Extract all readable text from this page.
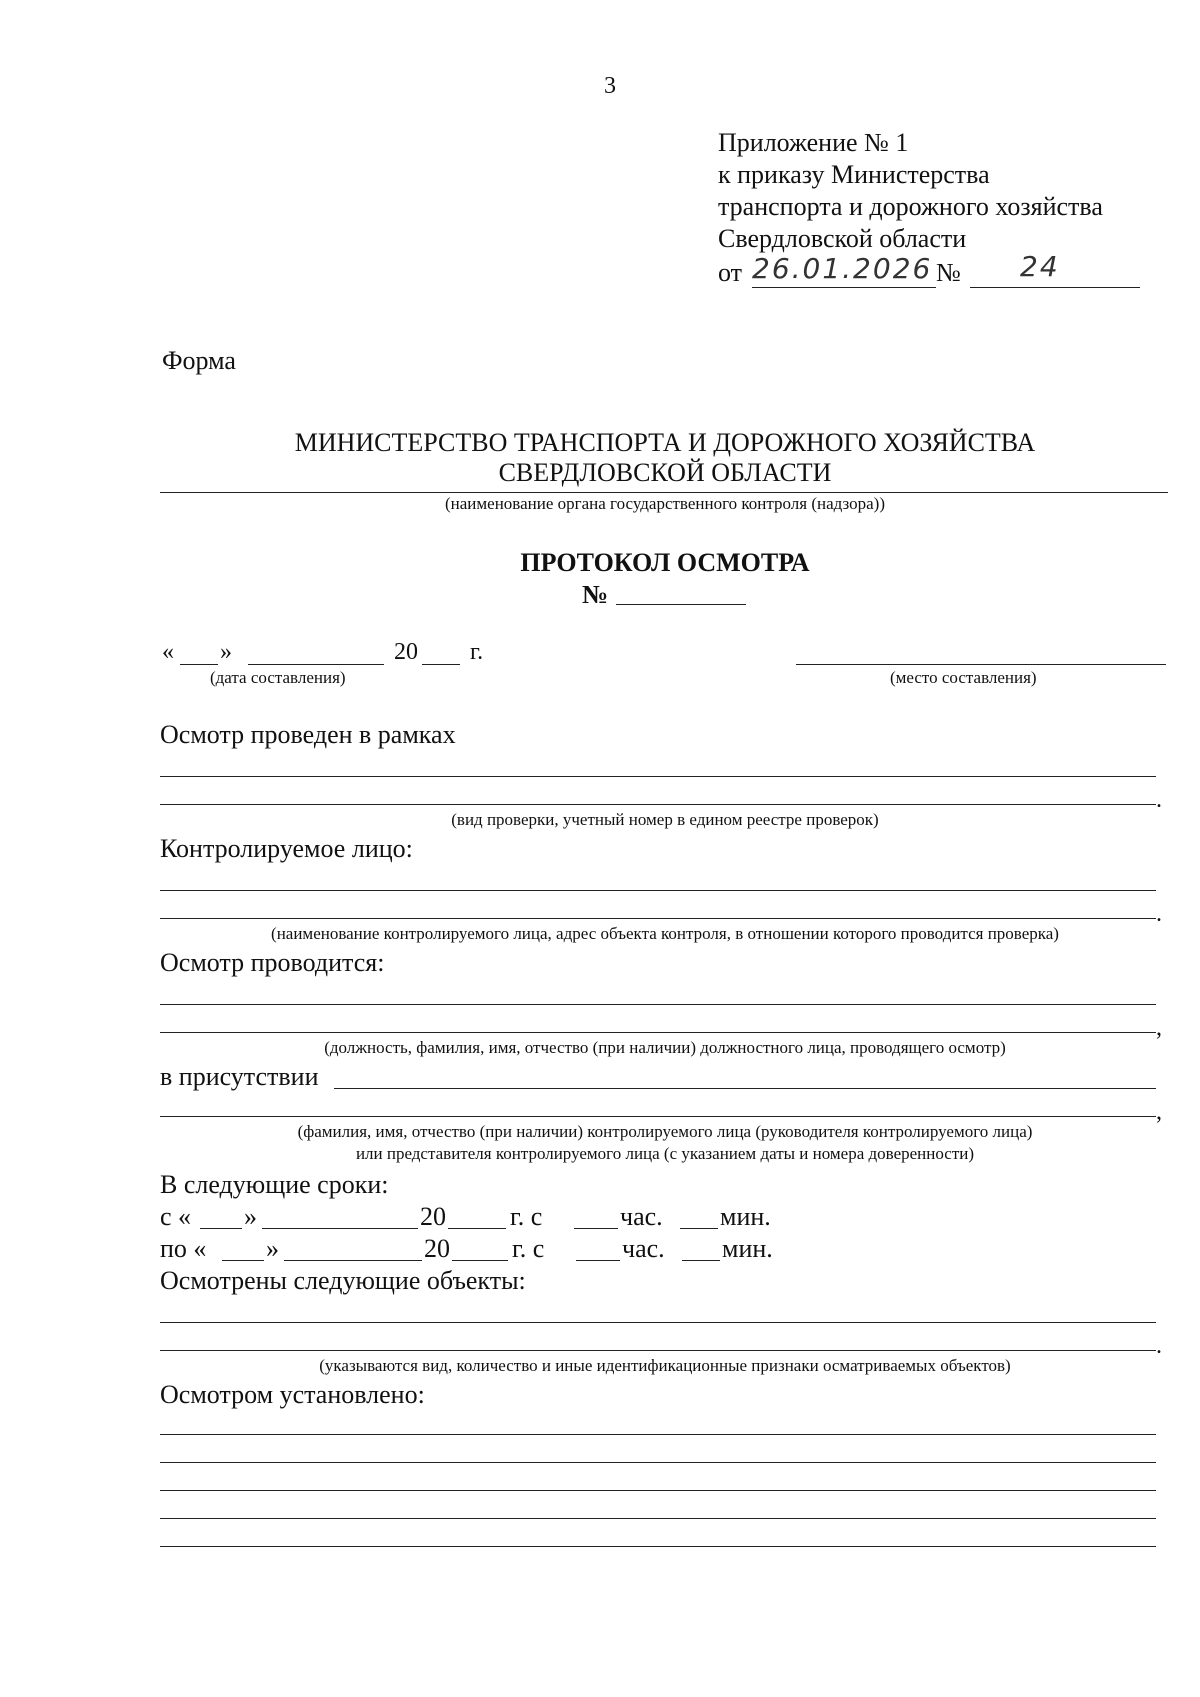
3
Приложение № 1
к приказу Министерства
транспорта и дорожного хозяйства
Свердловской области
от 26.01.2026 № 24
Форма
МИНИСТЕРСТВО ТРАНСПОРТА И ДОРОЖНОГО ХОЗЯЙСТВА
СВЕРДЛОВСКОЙ ОБЛАСТИ
(наименование органа государственного контроля (надзора))
ПРОТОКОЛ ОСМОТРА
№
« »	20 г.
(дата составления)	(место составления)
Осмотр проведен в рамках
.
(вид проверки, учетный номер в едином реестре проверок)
Контролируемое лицо:
.
(наименование контролируемого лица, адрес объекта контроля, в отношении которого проводится проверка)
Осмотр проводится:
,
(должность, фамилия, имя, отчество (при наличии) должностного лица, проводящего осмотр)
в присутствии
,
(фамилия, имя, отчество (при наличии) контролируемого лица (руководителя контролируемого лица)
или представителя контролируемого лица (с указанием даты и номера доверенности)
В следующие сроки:
с « »	20 г. с	час. мин.
по « »	20 г. с	час. мин.
Осмотрены следующие объекты:
.
(указываются вид, количество и иные идентификационные признаки осматриваемых объектов)
Осмотром установлено:
